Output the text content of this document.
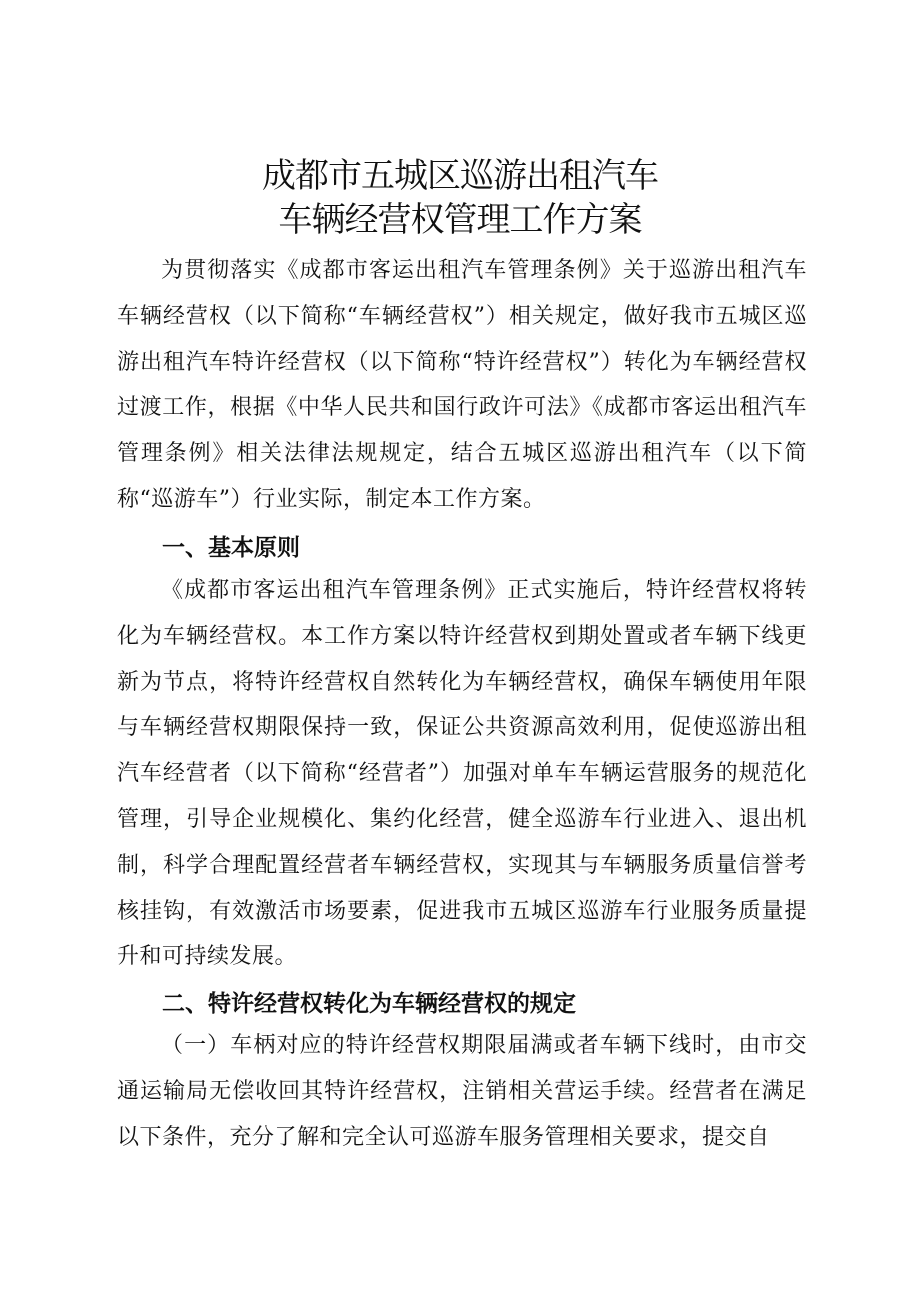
成都市五城区巡游出租汽车
车辆经营权管理工作方案

为贯彻落实《成都市客运出租汽车管理条例》关于巡游出租汽车车辆经营权（以下简称“车辆经营权”）相关规定，做好我市五城区巡游出租汽车特许经营权（以下简称“特许经营权”）转化为车辆经营权过渡工作，根据《中华人民共和国行政许可法》《成都市客运出租汽车管理条例》相关法律法规规定，结合五城区巡游出租汽车（以下简称“巡游车”）行业实际，制定本工作方案。

一、基本原则

《成都市客运出租汽车管理条例》正式实施后，特许经营权将转化为车辆经营权。本工作方案以特许经营权到期处置或者车辆下线更新为节点，将特许经营权自然转化为车辆经营权，确保车辆使用年限与车辆经营权期限保持一致，保证公共资源高效利用，促使巡游出租汽车经营者（以下简称“经营者”）加强对单车车辆运营服务的规范化管理，引导企业规模化、集约化经营，健全巡游车行业进入、退出机制，科学合理配置经营者车辆经营权，实现其与车辆服务质量信誉考核挂钩，有效激活市场要素，促进我市五城区巡游车行业服务质量提升和可持续发展。

二、特许经营权转化为车辆经营权的规定

（一）车柄对应的特许经营权期限届满或者车辆下线时，由市交通运输局无偿收回其特许经营权，注销相关营运手续。经营者在满足以下条件，充分了解和完全认可巡游车服务管理相关要求，提交自
